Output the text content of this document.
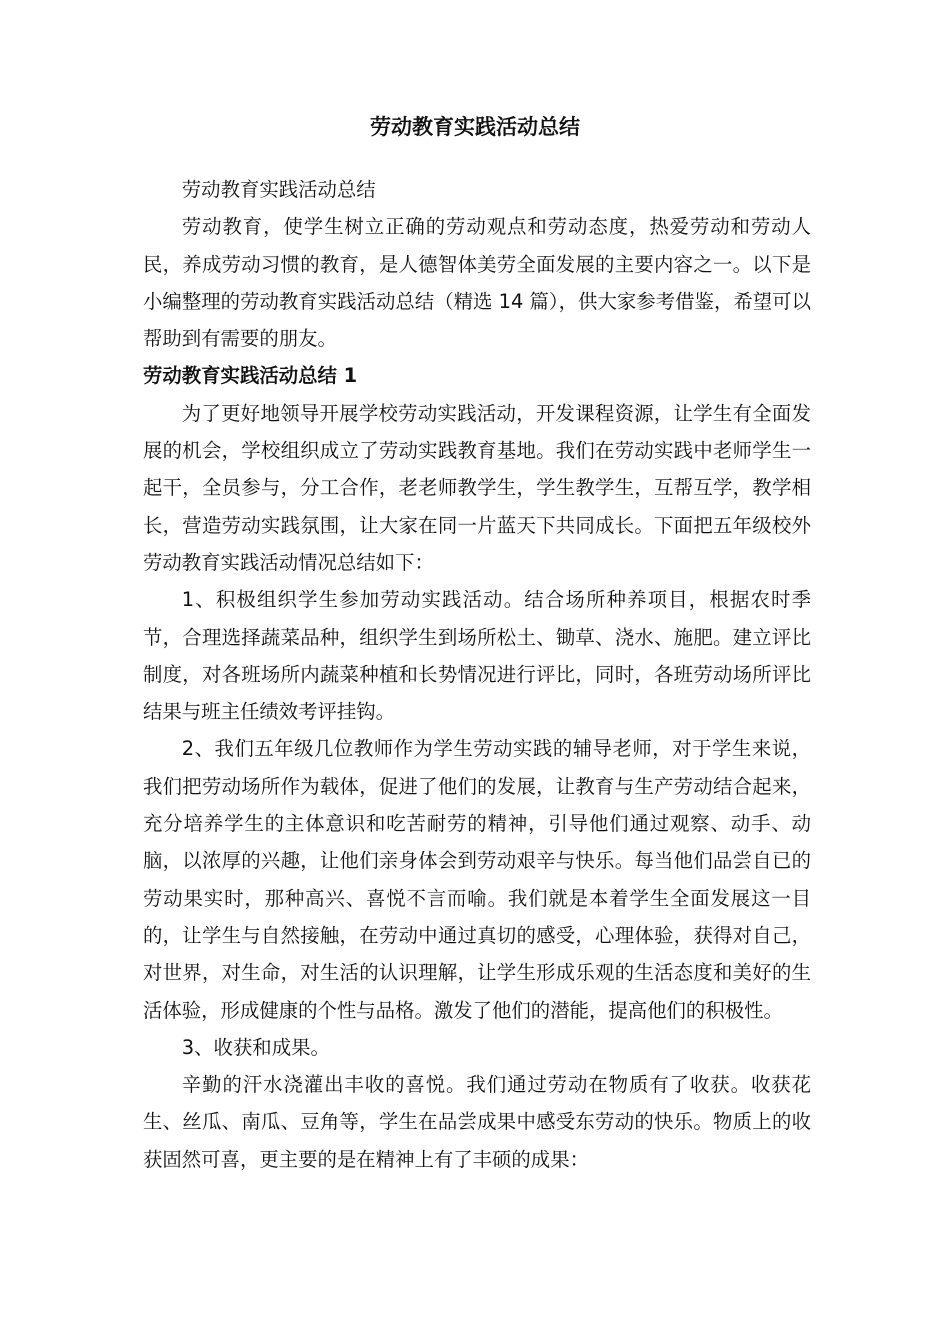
劳动教育实践活动总结

劳动教育实践活动总结

劳动教育，使学生树立正确的劳动观点和劳动态度，热爱劳动和劳动人民，养成劳动习惯的教育，是人德智体美劳全面发展的主要内容之一。以下是小编整理的劳动教育实践活动总结（精选 14 篇），供大家参考借鉴，希望可以帮助到有需要的朋友。

劳动教育实践活动总结 1

为了更好地领导开展学校劳动实践活动，开发课程资源，让学生有全面发展的机会，学校组织成立了劳动实践教育基地。我们在劳动实践中老师学生一起干，全员参与，分工合作，老老师教学生，学生教学生，互帮互学，教学相长，营造劳动实践氛围，让大家在同一片蓝天下共同成长。下面把五年级校外劳动教育实践活动情况总结如下：

1、积极组织学生参加劳动实践活动。结合场所种养项目，根据农时季节，合理选择蔬菜品种，组织学生到场所松土、锄草、浇水、施肥。建立评比制度，对各班场所内蔬菜种植和长势情况进行评比，同时，各班劳动场所评比结果与班主任绩效考评挂钩。

2、我们五年级几位教师作为学生劳动实践的辅导老师，对于学生来说，我们把劳动场所作为载体，促进了他们的发展，让教育与生产劳动结合起来，充分培养学生的主体意识和吃苦耐劳的精神，引导他们通过观察、动手、动脑，以浓厚的兴趣，让他们亲身体会到劳动艰辛与快乐。每当他们品尝自已的劳动果实时，那种高兴、喜悦不言而喻。我们就是本着学生全面发展这一目的，让学生与自然接触，在劳动中通过真切的感受，心理体验，获得对自己，对世界，对生命，对生活的认识理解，让学生形成乐观的生活态度和美好的生活体验，形成健康的个性与品格。激发了他们的潜能，提高他们的积极性。

3、收获和成果。

辛勤的汗水浇灌出丰收的喜悦。我们通过劳动在物质有了收获。收获花生、丝瓜、南瓜、豆角等，学生在品尝成果中感受东劳动的快乐。物质上的收获固然可喜，更主要的是在精神上有了丰硕的成果：
